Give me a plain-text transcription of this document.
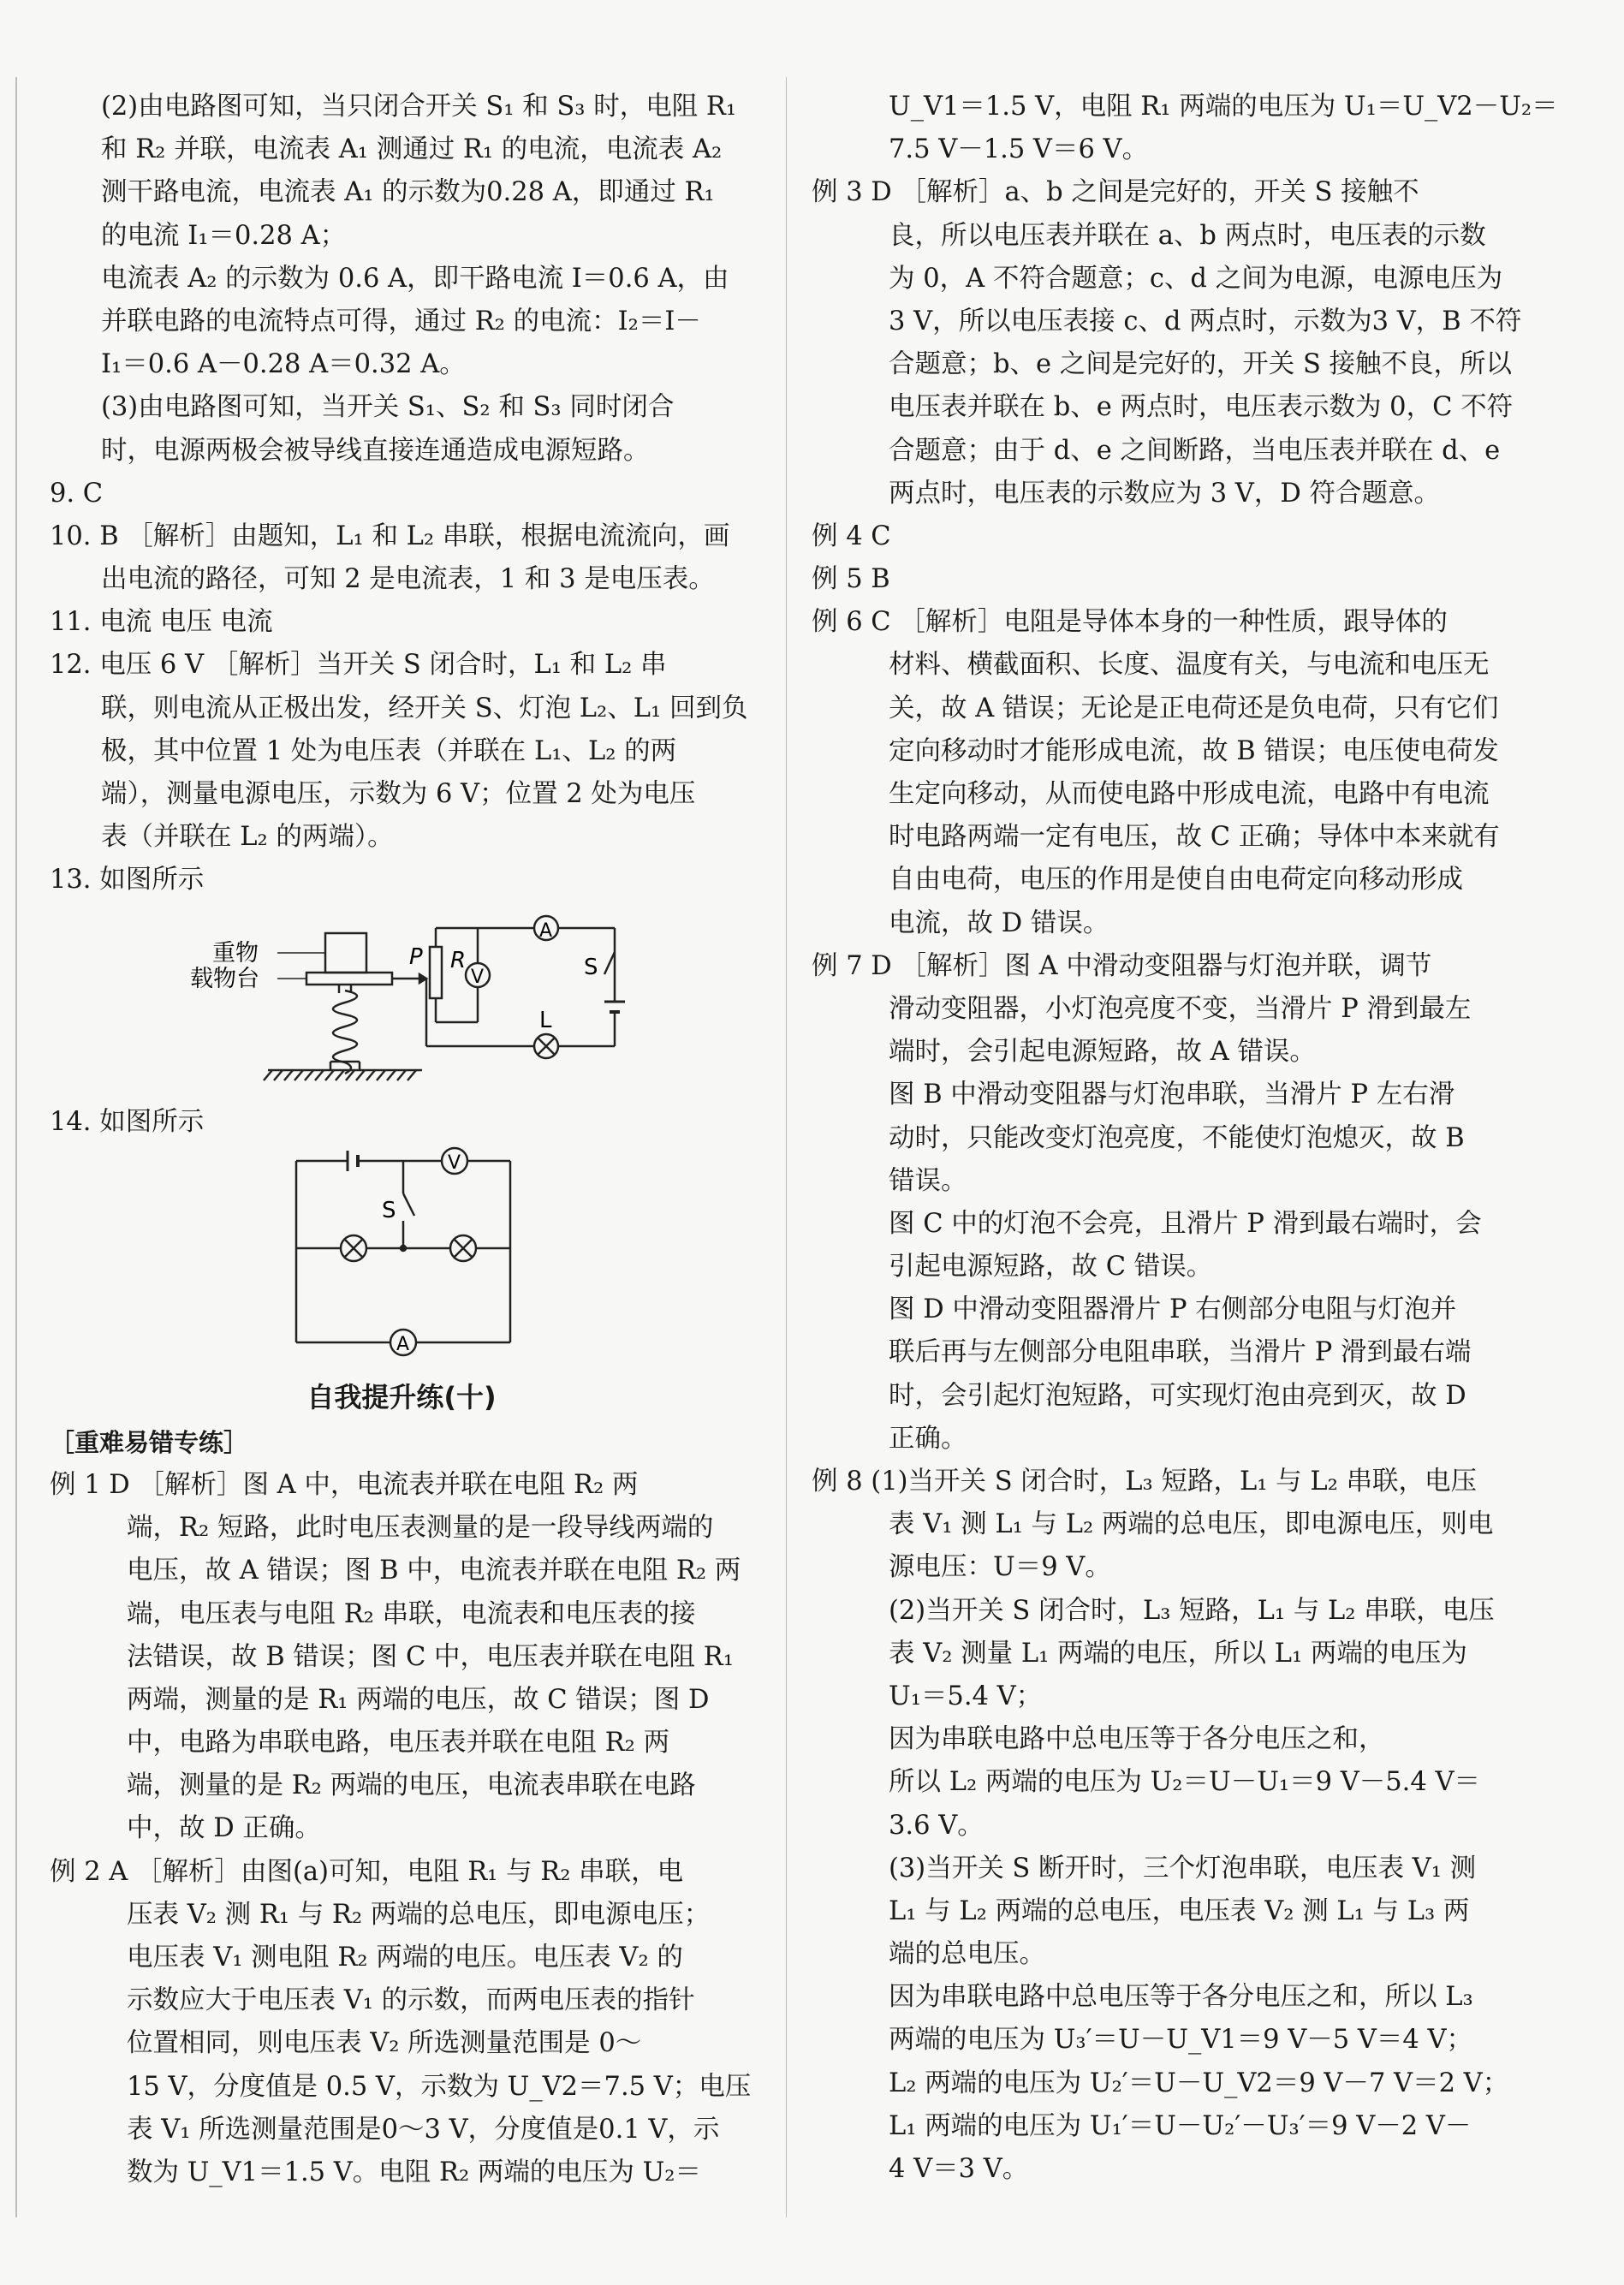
(2)由电路图可知，当只闭合开关 S₁ 和 S₃ 时，电阻 R₁
和 R₂ 并联，电流表 A₁ 测通过 R₁ 的电流，电流表 A₂
测干路电流，电流表 A₁ 的示数为0.28 A，即通过 R₁
的电流 I₁＝0.28 A；
电流表 A₂ 的示数为 0.6 A，即干路电流 I＝0.6 A，由
并联电路的电流特点可得，通过 R₂ 的电流：I₂＝I－
I₁＝0.6 A－0.28 A＝0.32 A。
(3)由电路图可知，当开关 S₁、S₂ 和 S₃ 同时闭合
时，电源两极会被导线直接连通造成电源短路。
9. C
10. B ［解析］由题知，L₁ 和 L₂ 串联，根据电流流向，画
出电流的路径，可知 2 是电流表，1 和 3 是电压表。
11. 电流 电压 电流
12. 电压 6 V ［解析］当开关 S 闭合时，L₁ 和 L₂ 串
联，则电流从正极出发，经开关 S、灯泡 L₂、L₁ 回到负
极，其中位置 1 处为电压表（并联在 L₁、L₂ 的两
端），测量电源电压，示数为 6 V；位置 2 处为电压
表（并联在 L₂ 的两端）。
13. 如图所示
重物
载物台
P R
A
V	S
L
14. 如图所示
V
S
A
自我提升练(十)
［重难易错专练］
例 1 D ［解析］图 A 中，电流表并联在电阻 R₂ 两
端，R₂ 短路，此时电压表测量的是一段导线两端的
电压，故 A 错误；图 B 中，电流表并联在电阻 R₂ 两
端，电压表与电阻 R₂ 串联，电流表和电压表的接
法错误，故 B 错误；图 C 中，电压表并联在电阻 R₁
两端，测量的是 R₁ 两端的电压，故 C 错误；图 D
中，电路为串联电路，电压表并联在电阻 R₂ 两
端，测量的是 R₂ 两端的电压，电流表串联在电路
中，故 D 正确。
例 2 A ［解析］由图(a)可知，电阻 R₁ 与 R₂ 串联，电
压表 V₂ 测 R₁ 与 R₂ 两端的总电压，即电源电压；
电压表 V₁ 测电阻 R₂ 两端的电压。电压表 V₂ 的
示数应大于电压表 V₁ 的示数，而两电压表的指针
位置相同，则电压表 V₂ 所选测量范围是 0～
15 V，分度值是 0.5 V，示数为 U_V2＝7.5 V；电压
表 V₁ 所选测量范围是0～3 V，分度值是0.1 V，示
数为 U_V1＝1.5 V。电阻 R₂ 两端的电压为 U₂＝
U_V1＝1.5 V，电阻 R₁ 两端的电压为 U₁＝U_V2－U₂＝
7.5 V－1.5 V＝6 V。
例 3 D ［解析］a、b 之间是完好的，开关 S 接触不
良，所以电压表并联在 a、b 两点时，电压表的示数
为 0，A 不符合题意；c、d 之间为电源，电源电压为
3 V，所以电压表接 c、d 两点时，示数为3 V，B 不符
合题意；b、e 之间是完好的，开关 S 接触不良，所以
电压表并联在 b、e 两点时，电压表示数为 0，C 不符
合题意；由于 d、e 之间断路，当电压表并联在 d、e
两点时，电压表的示数应为 3 V，D 符合题意。
例 4 C
例 5 B
例 6 C ［解析］电阻是导体本身的一种性质，跟导体的
材料、横截面积、长度、温度有关，与电流和电压无
关，故 A 错误；无论是正电荷还是负电荷，只有它们
定向移动时才能形成电流，故 B 错误；电压使电荷发
生定向移动，从而使电路中形成电流，电路中有电流
时电路两端一定有电压，故 C 正确；导体中本来就有
自由电荷，电压的作用是使自由电荷定向移动形成
电流，故 D 错误。
例 7 D ［解析］图 A 中滑动变阻器与灯泡并联，调节
滑动变阻器，小灯泡亮度不变，当滑片 P 滑到最左
端时，会引起电源短路，故 A 错误。
图 B 中滑动变阻器与灯泡串联，当滑片 P 左右滑
动时，只能改变灯泡亮度，不能使灯泡熄灭，故 B
错误。
图 C 中的灯泡不会亮，且滑片 P 滑到最右端时，会
引起电源短路，故 C 错误。
图 D 中滑动变阻器滑片 P 右侧部分电阻与灯泡并
联后再与左侧部分电阻串联，当滑片 P 滑到最右端
时，会引起灯泡短路，可实现灯泡由亮到灭，故 D
正确。
例 8 (1)当开关 S 闭合时，L₃ 短路，L₁ 与 L₂ 串联，电压
表 V₁ 测 L₁ 与 L₂ 两端的总电压，即电源电压，则电
源电压：U＝9 V。
(2)当开关 S 闭合时，L₃ 短路，L₁ 与 L₂ 串联，电压
表 V₂ 测量 L₁ 两端的电压，所以 L₁ 两端的电压为
U₁＝5.4 V；
因为串联电路中总电压等于各分电压之和，
所以 L₂ 两端的电压为 U₂＝U－U₁＝9 V－5.4 V＝
3.6 V。
(3)当开关 S 断开时，三个灯泡串联，电压表 V₁ 测
L₁ 与 L₂ 两端的总电压，电压表 V₂ 测 L₁ 与 L₃ 两
端的总电压。
因为串联电路中总电压等于各分电压之和，所以 L₃
两端的电压为 U₃′＝U－U_V1＝9 V－5 V＝4 V；
L₂ 两端的电压为 U₂′＝U－U_V2＝9 V－7 V＝2 V；
L₁ 两端的电压为 U₁′＝U－U₂′－U₃′＝9 V－2 V－
4 V＝3 V。
